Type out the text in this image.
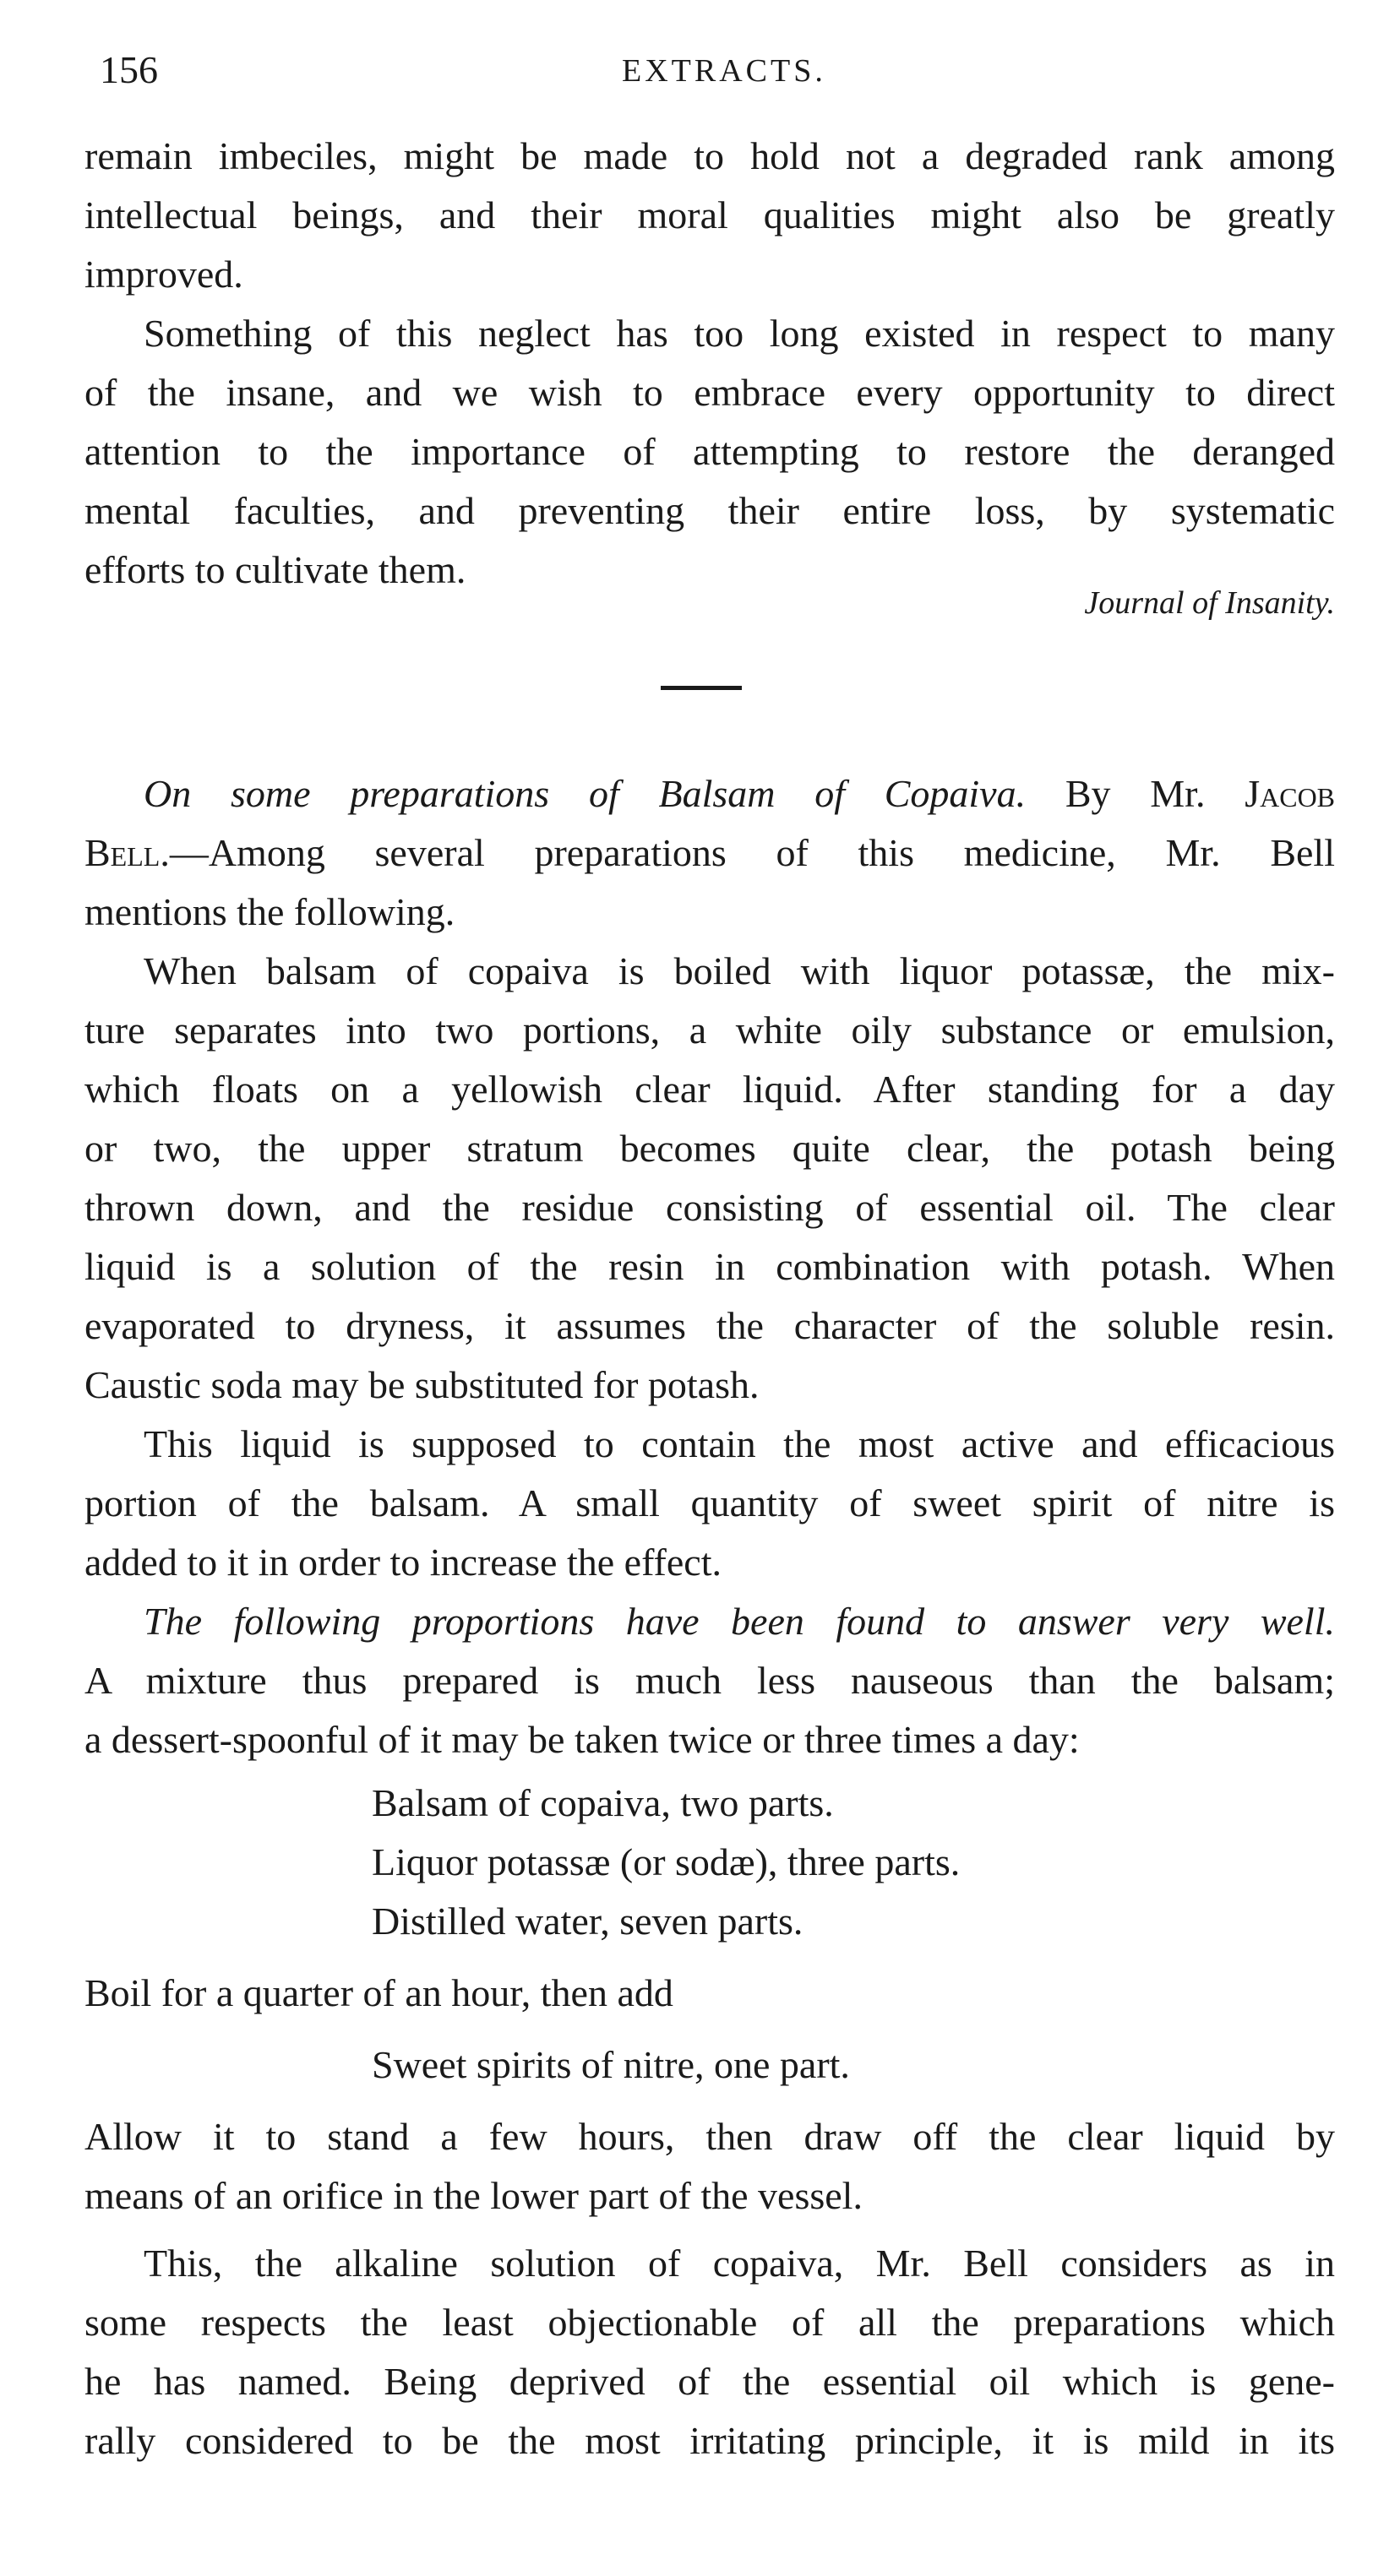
156	EXTRACTS.
remain imbeciles, might be made to hold not a degraded rank among
intellectual beings, and their moral qualities might also be greatly
improved.
Something of this neglect has too long existed in respect to many
of the insane, and we wish to embrace every opportunity to direct
attention to the importance of attempting to restore the deranged
mental faculties, and preventing their entire loss, by systematic
efforts to cultivate them.
Journal of Insanity.
On some preparations of Balsam of Copaiva. By Mr. Jacob
Bell.—Among several preparations of this medicine, Mr. Bell
mentions the following.
When balsam of copaiva is boiled with liquor potassæ, the mix-
ture separates into two portions, a white oily substance or emulsion,
which floats on a yellowish clear liquid. After standing for a day
or two, the upper stratum becomes quite clear, the potash being
thrown down, and the residue consisting of essential oil. The clear
liquid is a solution of the resin in combination with potash. When
evaporated to dryness, it assumes the character of the soluble resin.
Caustic soda may be substituted for potash.
This liquid is supposed to contain the most active and efficacious
portion of the balsam. A small quantity of sweet spirit of nitre is
added to it in order to increase the effect.
The following proportions have been found to answer very well.
A mixture thus prepared is much less nauseous than the balsam;
a dessert-spoonful of it may be taken twice or three times a day:
Balsam of copaiva, two parts.
Liquor potassæ (or sodæ), three parts.
Distilled water, seven parts.
Boil for a quarter of an hour, then add
Sweet spirits of nitre, one part.
Allow it to stand a few hours, then draw off the clear liquid by
means of an orifice in the lower part of the vessel.
This, the alkaline solution of copaiva, Mr. Bell considers as in
some respects the least objectionable of all the preparations which
he has named. Being deprived of the essential oil which is gene-
rally considered to be the most irritating principle, it is mild in its
